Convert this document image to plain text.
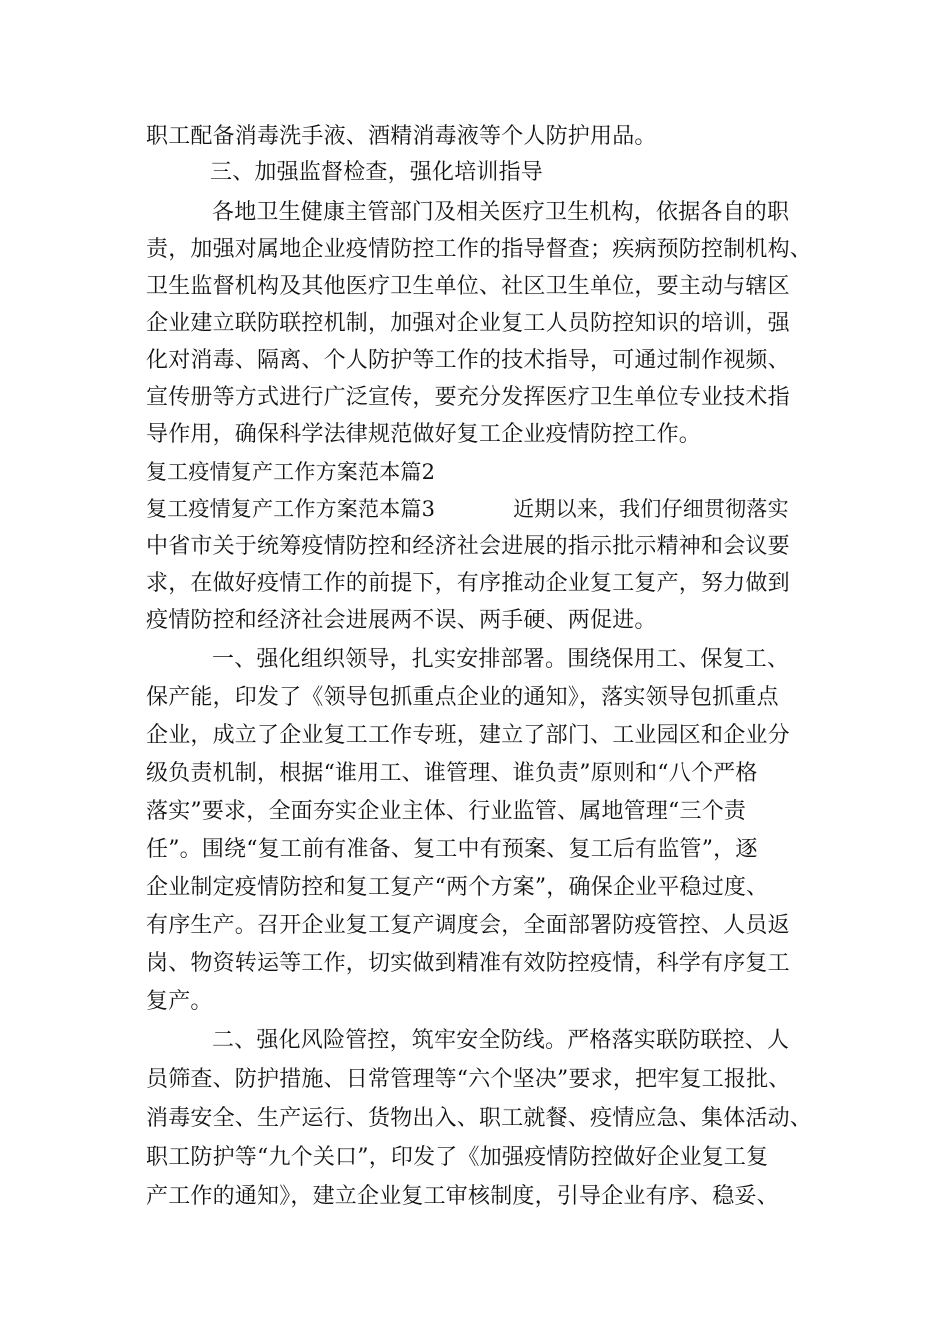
职工配备消毒洗手液、酒精消毒液等个人防护用品。
三、加强监督检查，强化培训指导
各地卫生健康主管部门及相关医疗卫生机构，依据各自的职
责，加强对属地企业疫情防控工作的指导督查；疾病预防控制机构、
卫生监督机构及其他医疗卫生单位、社区卫生单位，要主动与辖区
企业建立联防联控机制，加强对企业复工人员防控知识的培训，强
化对消毒、隔离、个人防护等工作的技术指导，可通过制作视频、
宣传册等方式进行广泛宣传，要充分发挥医疗卫生单位专业技术指
导作用，确保科学法律规范做好复工企业疫情防控工作。
复工疫情复产工作方案范本篇2
复工疫情复产工作方案范本篇3	近期以来，我们仔细贯彻落实
中省市关于统筹疫情防控和经济社会进展的指示批示精神和会议要
求，在做好疫情工作的前提下，有序推动企业复工复产，努力做到
疫情防控和经济社会进展两不误、两手硬、两促进。
一、强化组织领导，扎实安排部署。围绕保用工、保复工、
保产能，印发了《领导包抓重点企业的通知》，落实领导包抓重点
企业，成立了企业复工工作专班，建立了部门、工业园区和企业分
级负责机制，根据“谁用工、谁管理、谁负责”原则和“八个严格
落实”要求，全面夯实企业主体、行业监管、属地管理“三个责
任”。围绕“复工前有准备、复工中有预案、复工后有监管”，逐
企业制定疫情防控和复工复产“两个方案”，确保企业平稳过度、
有序生产。召开企业复工复产调度会，全面部署防疫管控、人员返
岗、物资转运等工作，切实做到精准有效防控疫情，科学有序复工
复产。
二、强化风险管控，筑牢安全防线。严格落实联防联控、人
员筛查、防护措施、日常管理等“六个坚决”要求，把牢复工报批、
消毒安全、生产运行、货物出入、职工就餐、疫情应急、集体活动、
职工防护等“九个关口”，印发了《加强疫情防控做好企业复工复
产工作的通知》，建立企业复工审核制度，引导企业有序、稳妥、
